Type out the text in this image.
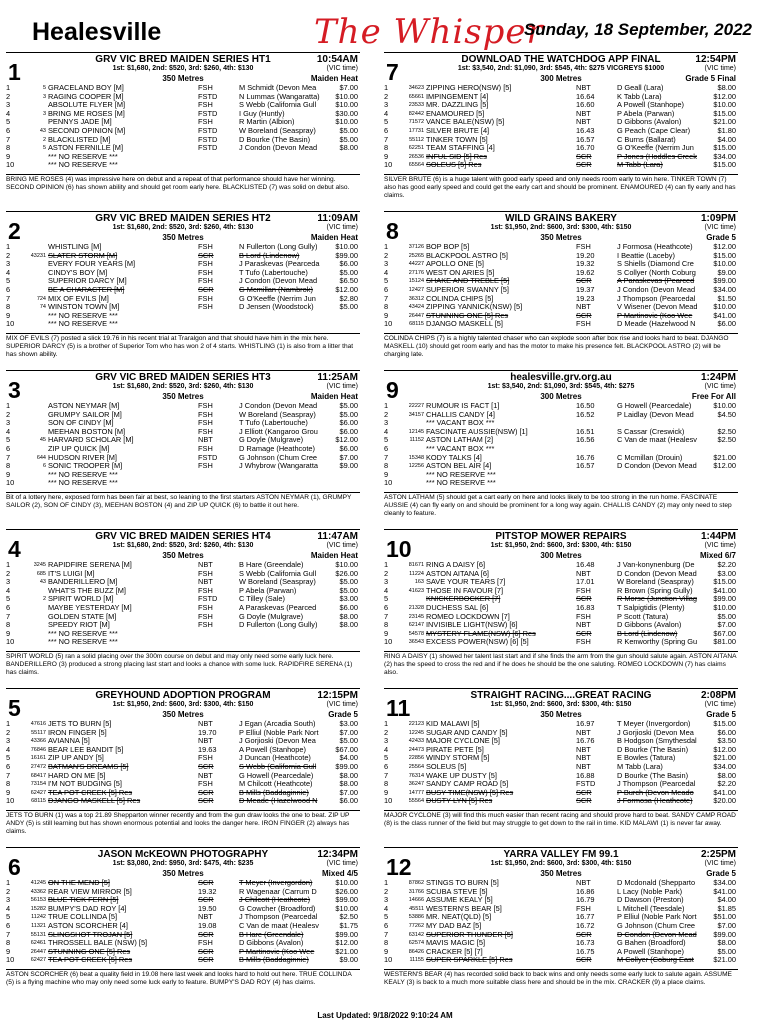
Healesville	The Whisper
Sunday, 18 September, 2022
1	GRV VIC BRED MAIDEN SERIES HT1	10:54AM
1st: $1,680, 2nd: $520, 3rd: $260, 4th: $130	(VIC time)
350 Metres	Maiden Heat
1	5 GRACELAND BOY [M]	FSH	M Schmidt (Devon Mea	$7.00
2	3 RAGING COOPER [M]	FSTD	N Lummas (Wangaratta)	$10.00
3	ABSOLUTE FLYER [M]	FSH	S Webb (California Gull	$10.00
4	3 BRING ME ROSES [M]	FSTD	I Guy (Huntly)	$30.00
5	PENNYS JADE [M]	FSH	R Martin (Albion)	$10.00
6	43 SECOND OPINION [M]	FSTD	W Boreland (Seaspray)	$5.00
7	2 BLACKLISTED [M]	FSTD	D Bourke (The Basin)	$5.00
8	5 ASTON FERNILLE [M]	FSTD	J Condon (Devon Mead	$8.00
9	*** NO RESERVE ***
10	*** NO RESERVE ***
BRING ME ROSES (4) was impressive here on debut and a repeat of that performance should have her winning. SECOND OPINION (6) has shown ability and should get room early here. BLACKLISTED (7) was solid on debut also.
2	GRV VIC BRED MAIDEN SERIES HT2	11:09AM
1st: $1,680, 2nd: $520, 3rd: $260, 4th: $130	(VIC time)
350 Metres	Maiden Heat
1	WHISTLING [M]	FSH	N Fullerton (Long Gully)	$10.00
2	43231 SLATER STORM [M]	SCR	B Lord (Lindenow)	$99.00
3	EVERY FOUR YEARS [M]	FSH	J Paraskevas (Pearceda	$6.00
4	CINDY'S BOY [M]	FSH	T Tufo (Labertouche)	$5.00
5	SUPERIOR DARCY [M]	FSH	J Condon (Devon Mead	$6.50
6	BE A CHARACTER [M]	SCR	G Mcmillan (Nambrok)	$12.00
7	724 MIX OF EVILS [M]	FSH	G O'Keeffe (Nerrim Jun	$2.80
8	74 WINSTON TOWN [M]	FSH	D Jensen (Woodstock)	$5.00
9	*** NO RESERVE ***
10	*** NO RESERVE ***
MIX OF EVILS (7) posted a slick 19.76 in his recent trial at Traralgon and that should have him in the mix here. SUPERIOR DARCY (5) is a brother of Superior Tom who has won 2 of 4 starts. WHISTLING (1) is also from a litter that has shown ability.
3	GRV VIC BRED MAIDEN SERIES HT3	11:25AM
1st: $1,680, 2nd: $520, 3rd: $260, 4th: $130	(VIC time)
350 Metres	Maiden Heat
1	ASTON NEYMAR [M]	FSH	J Condon (Devon Mead	$5.00
2	GRUMPY SAILOR [M]	FSH	W Boreland (Seaspray)	$5.00
3	SON OF CINDY [M]	FSH	T Tufo (Labertouche)	$6.00
4	MEEHAN BOSTON [M]	FSH	J Elliott (Kangaroo Grou	$6.00
5	45 HARVARD SCHOLAR [M]	NBT	G Doyle (Mulgrave)	$12.00
6	ZIP UP QUICK [M]	FSH	D Ramage (Heathcote)	$6.00
7	644 HUDSON RIVER [M]	FSTD	G Johnson (Chum Cree	$7.00
8	6 SONIC TROOPER [M]	FSH	J Whybrow (Wangaratta	$9.00
9	*** NO RESERVE ***
10	*** NO RESERVE ***
Bit of a lottery here, exposed form has been fair at best, so leaning to the first starters ASTON NEYMAR (1), GRUMPY SAILOR (2), SON OF CINDY (3), MEEHAN BOSTON (4) and ZIP UP QUICK (6) to battle it out here.
4	GRV VIC BRED MAIDEN SERIES HT4	11:47AM
1st: $1,680, 2nd: $520, 3rd: $260, 4th: $130	(VIC time)
350 Metres	Maiden Heat
1	3245 RAPIDFIRE SERENA [M]	NBT	B Hare (Greendale)	$10.00
2	685 IT'S LUIGI [M]	FSH	S Webb (California Gull	$26.00
3	43 BANDERILLERO [M]	NBT	W Boreland (Seaspray)	$5.00
4	WHAT'S THE BUZZ [M]	FSH	P Abela (Parwan)	$5.00
5	2 SPIRIT WORLD [M]	FSTD	C Tilley (Sale)	$3.00
6	MAYBE YESTERDAY [M]	FSH	A Paraskevas (Pearced	$6.00
7	GOLDEN STATE [M]	FSH	G Doyle (Mulgrave)	$8.00
8	SPEEDY RIOT [M]	FSH	D Fullerton (Long Gully)	$8.00
9	*** NO RESERVE ***
10	*** NO RESERVE ***
SPIRIT WORLD (5) ran a solid placing over the 300m course on debut and may only need some early luck here. BANDERILLERO (3) produced a strong placing last start and looks a chance with some luck. RAPIDFIRE SERENA (1) has claims.
5	GREYHOUND ADOPTION PROGRAM	12:15PM
1st: $1,950, 2nd: $600, 3rd: $300, 4th: $150	(VIC time)
350 Metres	Grade 5
1	47616 JETS TO BURN [5]	NBT	J Egan (Arcadia South)	$3.00
2	55117 IRON FINGER [5]	19.70	P Elliul (Noble Park Nort	$7.00
3	43366 AVIANNA [5]	NBT	J Gorjioski (Devon Mea	$5.00
4	76846 BEAR LEE BANDIT [5]	19.63	A Powell (Stanhope)	$67.00
5	16161 ZIP UP ANDY [5]	FSH	J Duncan (Heathcote)	$4.00
6	27472 BATMAN'S DREAMS [5]	SCR	S Webb (California Gull	$99.00
7	68417 HARD ON ME [5]	NBT	G Howell (Pearcedale)	$8.00
8	73154 I'M NOT BUDGING [5]	FSH	M Chilcott (Heathcote)	$8.00
9	62427 TEA POT CREEK [5] Res	SCR	B Mills (Baddaginnie)	$7.00
10	68115 DJANGO MASKELL [5] Res	SCR	D Meade (Hazelwood N	$6.00
JETS TO BURN (1) was a top 21.89 Shepparton winner recently and from the gun draw looks the one to beat. ZIP UP ANDY (5) is still learning but has shown enormous potential and looks the danger here. IRON FINGER (2) always has claims.
6	JASON McKEOWN PHOTOGRAPHY	12:34PM
1st: $3,080, 2nd: $950, 3rd: $475, 4th: $235	(VIC time)
350 Metres	Mixed 4/5
1	41245 ON THE MEND [5]	SCR	T Meyer (Invergordon)	$10.00
2	43362 REAR VIEW MIRROR [5]	19.32	R Wagenaar (Carrum D	$26.00
3	56153 BLUE TICK FERN [5]	SCR	J Chilcott (Heathcote)	$99.00
4	15282 BUMPY'S DAD ROY [4]	19.50	G Cowcher (Broadford)	$10.00
5	11242 TRUE COLLINDA [5]	NBT	J Thompson (Pearcedal	$2.50
6	11321 ASTON SCORCHER [4]	19.08	C Van de maat (Healesv	$1.75
7	55131 SLINGSHOT TROJAN [5]	SCR	B Hare (Greendale)	$99.00
8	62461 THROSSELL BALE (NSW) [5]	FSH	D Gibbons (Avalon)	$12.00
9	26447 STUNNING ONE [5] Res	SCR	P Martinovic (Koo Wee	$21.00
10	62427 TEA POT CREEK [5] Res	SCR	B Mills (Baddaginnie)	$9.00
ASTON SCORCHER (6) beat a quality field in 19.08 here last week and looks hard to hold out here. TRUE COLLINDA (5) is a flying machine who may only need some luck early to feature. BUMPY'S DAD ROY (4) has claims.
7	DOWNLOAD THE WATCHDOG APP FINAL	12:54PM
1st: $3,540, 2nd: $1,090, 3rd: $545, 4th: $275 VICGREYS $1000	(VIC time)
300 Metres	Grade 5 Final
1	34623 ZIPPING HERO(NSW) [5]	NBT	D Geall (Lara)	$8.00
2	65661 IMPINGEMENT [4]	16.64	K Tabb (Lara)	$12.00
3	23533 MR. DAZZLING [5]	16.60	A Powell (Stanhope)	$10.00
4	82442 ENAMOURED [5]	NBT	P Abela (Parwan)	$15.00
5	71572 VANCE BALE(NSW) [5]	NBT	D Gibbons (Avalon)	$21.00
6	17731 SILVER BRUTE [4]	16.43	G Peach (Cape Clear)	$1.80
7	55112 TINKER TOWN [5]	16.57	C Burns (Ballarat)	$4.00
8	62251 TEAM STAFFING [4]	16.70	G O'Keeffe (Nerrim Jun	$15.00
9	26536 INFUL SID [5] Res	SCR	P Jones (Hoddles Creek	$34.00
10	65564 SOLEUS [5] Res	SCR	M Tabb (Lara)	$15.00
SILVER BRUTE (6) is a huge talent with good early speed and only needs room early to win here. TINKER TOWN (7) also has good early speed and could get the early cart and should be prominent. ENAMOURED (4) can fly early and has claims.
8	WILD GRAINS BAKERY	1:09PM
1st: $1,950, 2nd: $600, 3rd: $300, 4th: $150	(VIC time)
350 Metres	Grade 5
1	37126 BOP BOP [5]	FSH	J Formosa (Heathcote)	$12.00
2	25265 BLACKPOOL ASTRO [5]	19.20	I Beattie (Laceby)	$15.00
3	44227 APOLLO ONE [5]	19.32	S Shiells (Diamond Cre	$10.00
4	27176 WEST ON ARIES [5]	19.62	S Collyer (North Coburg	$9.00
5	15124 SHAKE AND TREBLE [5]	SCR	A Paraskevas (Pearced	$99.00
6	12427 SUPERIOR SWANNY [5]	19.37	J Condon (Devon Mead	$34.00
7	36312 COLINDA CHIPS [5]	19.23	J Thompson (Pearcedal	$1.50
8	43424 ZIPPING YANNICK(NSW) [5]	NBT	V Wisener (Devon Mead	$10.00
9	26447 STUNNING ONE [5] Res	SCR	P Martinovic (Koo Wee	$41.00
10	68115 DJANGO MASKELL [5]	FSH	D Meade (Hazelwood N	$6.00
COLINDA CHIPS (7) is a highly talented chaser who can explode soon after box rise and looks hard to beat. DJANGO MASKELL (10) should get room early and has the motor to make his presence felt. BLACKPOOL ASTRO (2) will be charging late.
9	healesville.grv.org.au	1:24PM
1st: $3,540, 2nd: $1,090, 3rd: $545, 4th: $275	(VIC time)
300 Metres	Free For All
1	22227 RUMOUR IS FACT [1]	16.50	G Howell (Pearcedale)	$10.00
2	34157 CHALLIS CANDY [4]	16.52	P Laidlay (Devon Mead	$4.50
3	*** VACANT BOX ***
4	12145 FASCINATE AUSSIE(NSW) [1]	16.51	S Cassar (Creswick)	$2.50
5	11152 ASTON LATHAM [2]	16.56	C Van de maat (Healesv	$2.50
6	*** VACANT BOX ***
7	15348 KODY TALKS [4]	16.76	C Mcmillan (Drouin)	$21.00
8	12256 ASTON BEL AIR [4]	16.57	D Condon (Devon Mead	$12.00
9	*** NO RESERVE ***
10	*** NO RESERVE ***
ASTON LATHAM (5) should get a cart early on here and looks likely to be too strong in the run home. FASCINATE AUSSIE (4) can fly early on and should be prominent for a long way again. CHALLIS CANDY (2) may only need to step cleanly to feature.
10	PITSTOP MOWER REPAIRS	1:44PM
1st: $1,950, 2nd: $600, 3rd: $300, 4th: $150	(VIC time)
300 Metres	Mixed 6/7
1	81671 RING A DAISY [6]	16.48	J Van-konynenburg (De	$2.20
2	11224 ASTON AITANA [6]	NBT	D Condon (Devon Mead	$3.00
3	163 SAVE YOUR TEARS [7]	17.01	W Boreland (Seaspray)	$15.00
4	41623 THOSE IN FAVOUR [7]	FSH	R Brown (Spring Gully)	$41.00
5	KNICKERBOCKER [7]	SCR	R Morse (Junction Villag	$99.00
6	21328 DUCHESS SAL [6]	16.83	T Salpigtidis (Plenty)	$10.00
7	23145 ROMEO LOCKDOWN [7]	FSH	P Scott (Tatura)	$5.00
8	62147 INVISIBLE LIGHT(NSW) [6]	NBT	D Gibbons (Avalon)	$7.00
9	54578 MYSTERY FLAME(NSW) [6] Res	SCR	B Lord (Lindenow)	$67.00
10	36543 EXCESS POWER(NSW) [6] [5]	FSH	R Kenworthy (Spring Gu	$81.00
RING A DAISY (1) showed her talent last start and if she finds the arm from the gun should salute again. ASTON AITANA (2) has the speed to cross the red and if he does he should be the one saluting. ROMEO LOCKDOWN (7) has claims also.
11	STRAIGHT RACING....GREAT RACING	2:08PM
1st: $1,950, 2nd: $600, 3rd: $300, 4th: $150	(VIC time)
350 Metres	Grade 5
1	22123 KID MALAWI [5]	16.97	T Meyer (Invergordon)	$15.00
2	12245 SUGAR AND CANDY [5]	NBT	J Gorjioski (Devon Mea	$6.00
3	42433 MAJOR CYCLONE [5]	16.76	B Hodgson (Smythesdal	$3.50
4	24473 PIRATE PETE [5]	NBT	D Bourke (The Basin)	$12.00
5	22856 WINDY STORM [5]	NBT	E Bowles (Tatura)	$21.00
6	25564 SOLEUS [5]	NBT	M Tabb (Lara)	$34.00
7	76314 WAKE UP DUSTY [5]	16.88	D Bourke (The Basin)	$8.00
8	36247 SANDY CAMP ROAD [5]	FSTD	J Thompson (Pearcedal	$2.20
9	14777 BUSY TIME(NSW) [5] Res	SCR	P Burch (Devon Meado	$41.00
10	55564 DUSTY LYN [5] Res	SCR	J Formosa (Heathcote)	$20.00
MAJOR CYCLONE (3) will find this much easier than recent racing and should prove hard to beat. SANDY CAMP ROAD (8) is the class runner of the field but may struggle to get down to the rail in time. KID MALAWI (1) is never far away.
12	YARRA VALLEY FM 99.1	2:25PM
1st: $1,950, 2nd: $600, 3rd: $300, 4th: $150	(VIC time)
350 Metres	Grade 5
1	87862 STINGS TO BURN [5]	NBT	D Mcdonald (Shepparto	$34.00
2	31766 SCUBA STEVE [5]	16.86	L Lacy (Noble Park)	$41.00
3	14666 ASSUME KEALY [5]	16.79	D Dawson (Preston)	$4.00
4	45511 WESTERN'S BEAR [5]	FSH	L Mitchell (Teesdale)	$1.85
5	53886 MR. NEAT(QLD) [5]	16.77	P Elliul (Noble Park Nort	$51.00
6	77262 MY DAD BAZ [5]	16.72	G Johnson (Chum Cree	$7.00
7	63142 SUPERIOR THUNDER [5]	SCR	D Condon (Devon Mead	$99.00
8	62574 MAVIS MAGIC [5]	16.73	G Bahen (Broadford)	$8.00
9	86426 CRACKER [5] [7]	16.75	A Powell (Stanhope)	$5.00
10	11155 SUPER SPARKLE [5] Res	SCR	M Collyer (Coburg East	$21.00
WESTERN'S BEAR (4) has recorded solid back to back wins and only needs some early luck to salute again. ASSUME KEALY (3) is back to a much more suitable class here and should be in the mix. CRACKER (9) a place claims.
Last Updated: 9/18/2022 9:10:24 AM
